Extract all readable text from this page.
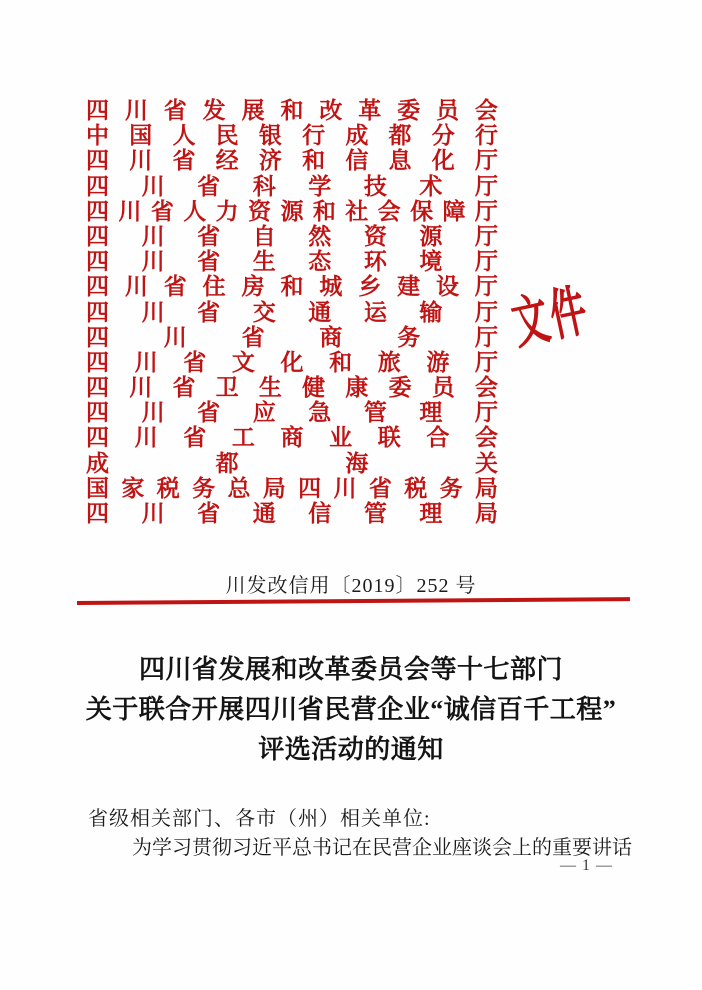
四 川 省 发 展 和 改 革 委 员 会
中 国 人 民 银 行 成 都 分 行
四 川 省 经 济 和 信 息 化 厅
四 川 省 科 学 技 术 厅
四 川 省 人 力 资 源 和 社 会 保 障 厅
四 川 省 自 然 资 源 厅
四 川 省 生 态 环 境 厅
四 川 省 住 房 和 城 乡 建 设 厅
四 川 省 交 通 运 输 厅
四 川 省 商 务 厅
四 川 省 文 化 和 旅 游 厅
四 川 省 卫 生 健 康 委 员 会
四 川 省 应 急 管 理 厅
四 川 省 工 商 业 联 合 会
成	都	海	关
国 家 税 务 总 局 四 川 省 税 务 局
四 川 省 通 信 管 理 局
文件
川发改信用〔2019〕252 号
四川省发展和改革委员会等十七部门
关于联合开展四川省民营企业“诚信百千工程”
评选活动的通知
省级相关部门、各市（州）相关单位:
为 学 习 贯 彻 习 近 平 总 书 记 在 民 营 企 业 座 谈 会 上 的 重 要 讲 话
— 1 —
